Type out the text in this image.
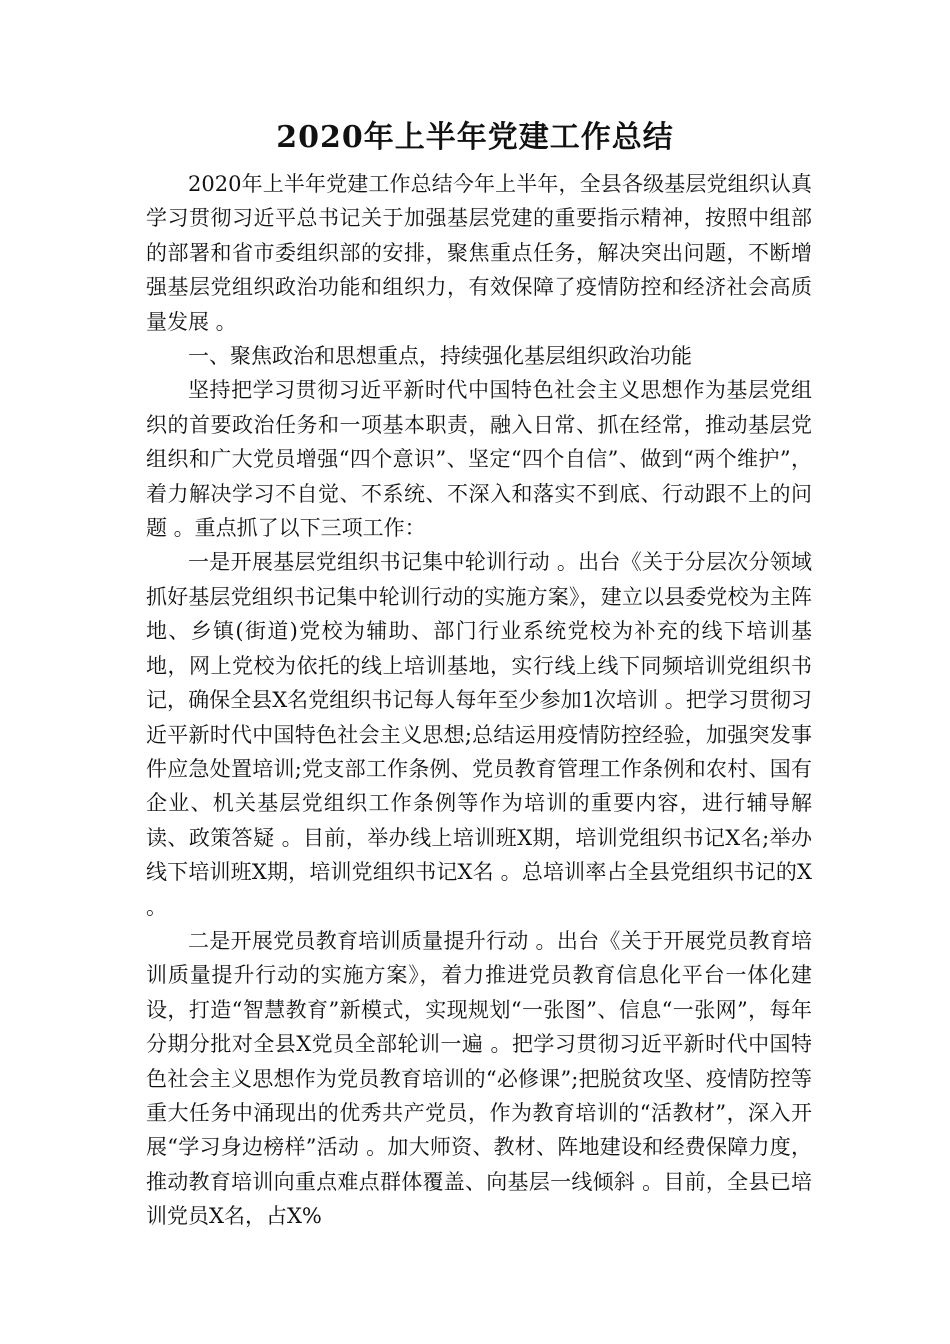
2020年上半年党建工作总结

2020年上半年党建工作总结今年上半年，全县各级基层党组织认真学习贯彻习近平总书记关于加强基层党建的重要指示精神，按照中组部的部署和省市委组织部的安排，聚焦重点任务，解决突出问题，不断增强基层党组织政治功能和组织力，有效保障了疫情防控和经济社会高质量发展 。

一、聚焦政治和思想重点，持续强化基层组织政治功能

坚持把学习贯彻习近平新时代中国特色社会主义思想作为基层党组织的首要政治任务和一项基本职责，融入日常、抓在经常，推动基层党组织和广大党员增强“四个意识”、坚定“四个自信”、做到“两个维护”，着力解决学习不自觉、不系统、不深入和落实不到底、行动跟不上的问题 。重点抓了以下三项工作：

一是开展基层党组织书记集中轮训行动 。出台《关于分层次分领域抓好基层党组织书记集中轮训行动的实施方案》，建立以县委党校为主阵地、乡镇(街道)党校为辅助、部门行业系统党校为补充的线下培训基地，网上党校为依托的线上培训基地，实行线上线下同频培训党组织书记，确保全县X名党组织书记每人每年至少参加1次培训 。把学习贯彻习近平新时代中国特色社会主义思想;总结运用疫情防控经验，加强突发事件应急处置培训;党支部工作条例、党员教育管理工作条例和农村、国有企业、机关基层党组织工作条例等作为培训的重要内容，进行辅导解读、政策答疑 。目前，举办线上培训班X期，培训党组织书记X名;举办线下培训班X期，培训党组织书记X名 。总培训率占全县党组织书记的X 。

二是开展党员教育培训质量提升行动 。出台《关于开展党员教育培训质量提升行动的实施方案》，着力推进党员教育信息化平台一体化建设，打造“智慧教育”新模式，实现规划“一张图”、信息“一张网”，每年分期分批对全县X党员全部轮训一遍 。把学习贯彻习近平新时代中国特色社会主义思想作为党员教育培训的“必修课”;把脱贫攻坚、疫情防控等重大任务中涌现出的优秀共产党员，作为教育培训的“活教材”，深入开展“学习身边榜样”活动 。加大师资、教材、阵地建设和经费保障力度，推动教育培训向重点难点群体覆盖、向基层一线倾斜 。目前，全县已培训党员X名，占X%
